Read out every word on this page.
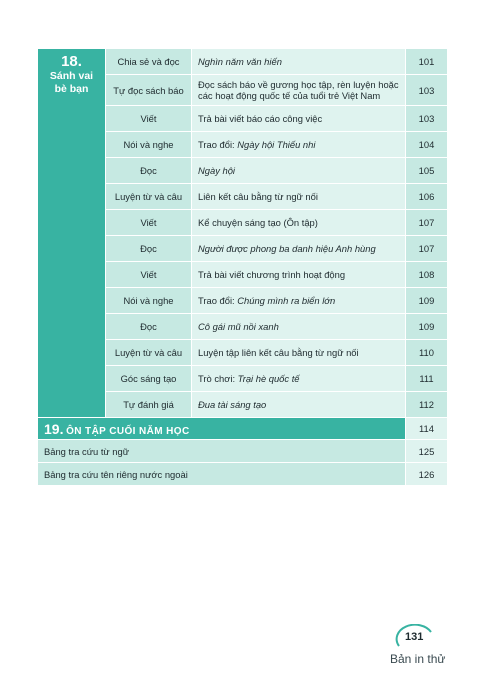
18.
Sánh vai
bè bạn	Chia sẻ và đọc	Nghìn năm văn hiến	101
	Tự đọc sách báo	Đọc sách báo về gương học tập, rèn luyện hoặc các hoạt động quốc tế của tuổi trẻ Việt Nam	103
	Viết	Trả bài viết báo cáo công việc	103
	Nói và nghe	Trao đổi: Ngày hội Thiếu nhi	104
	Đọc	Ngày hội	105
	Luyện từ và câu	Liên kết câu bằng từ ngữ nối	106
	Viết	Kể chuyện sáng tạo (Ôn tập)	107
	Đọc	Người được phong ba danh hiệu Anh hùng	107
	Viết	Trả bài viết chương trình hoạt động	108
	Nói và nghe	Trao đổi: Chúng mình ra biển lớn	109
	Đọc	Cô gái mũ nồi xanh	109
	Luyện từ và câu	Luyện tập liên kết câu bằng từ ngữ nối	110
	Góc sáng tạo	Trò chơi: Trại hè quốc tế	111
	Tự đánh giá	Đua tài sáng tạo	112
19. ÔN TẬP CUỐI NĂM HỌC			114
Bảng tra cứu từ ngữ			125
Bảng tra cứu tên riêng nước ngoài			126
131
Bản in thử
